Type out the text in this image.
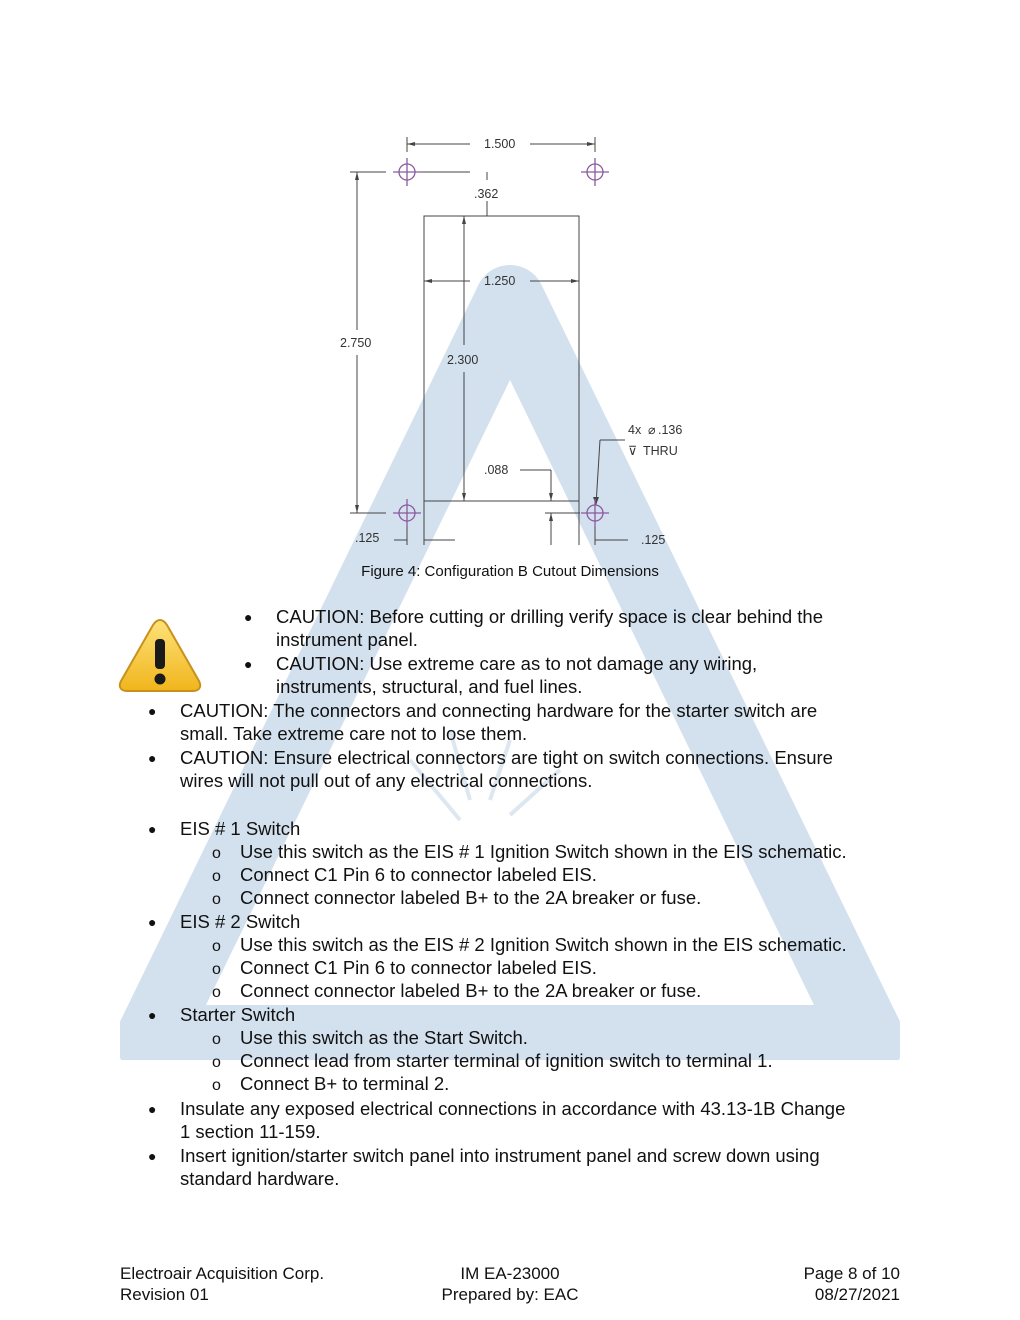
1.500
.362
1.250
2.750
2.300
4x ⌀ .136
⊽ THRU
.088
.125	.125
Figure 4: Configuration B Cutout Dimensions
● CAUTION: Before cutting or drilling verify space is clear behind the
instrument panel.
● CAUTION: Use extreme care as to not damage any wiring,
instruments, structural, and fuel lines.
● CAUTION: The connectors and connecting hardware for the starter switch are
small. Take extreme care not to lose them.
● CAUTION: Ensure electrical connectors are tight on switch connections. Ensure
wires will not pull out of any electrical connections.
● EIS # 1 Switch
o Use this switch as the EIS # 1 Ignition Switch shown in the EIS schematic.
o Connect C1 Pin 6 to connector labeled EIS.
o Connect connector labeled B+ to the 2A breaker or fuse.
● EIS # 2 Switch
o Use this switch as the EIS # 2 Ignition Switch shown in the EIS schematic.
o Connect C1 Pin 6 to connector labeled EIS.
o Connect connector labeled B+ to the 2A breaker or fuse.
● Starter Switch
o Use this switch as the Start Switch.
o Connect lead from starter terminal of ignition switch to terminal 1.
o Connect B+ to terminal 2.
● Insulate any exposed electrical connections in accordance with 43.13-1B Change
1 section 11-159.
● Insert ignition/starter switch panel into instrument panel and screw down using
standard hardware.
Electroair Acquisition Corp.
Revision 01
IM EA-23000
Prepared by: EAC
Page 8 of 10
08/27/2021
